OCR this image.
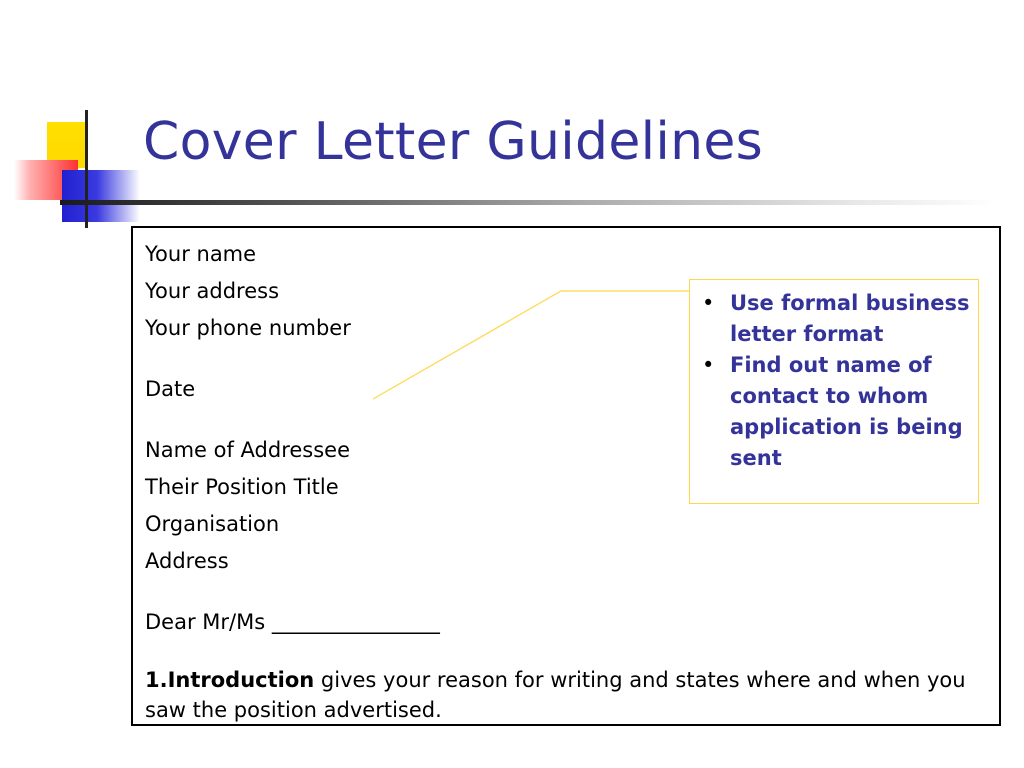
Cover Letter Guidelines
Your name
Your address
Your phone number
Date
Name of Addressee
Their Position Title
Organisation
Address
Dear Mr/Ms ________________
1.Introduction gives your reason for writing and states where and when you saw the position advertised.
• Use formal business letter format
• Find out name of contact to whom application is being sent
